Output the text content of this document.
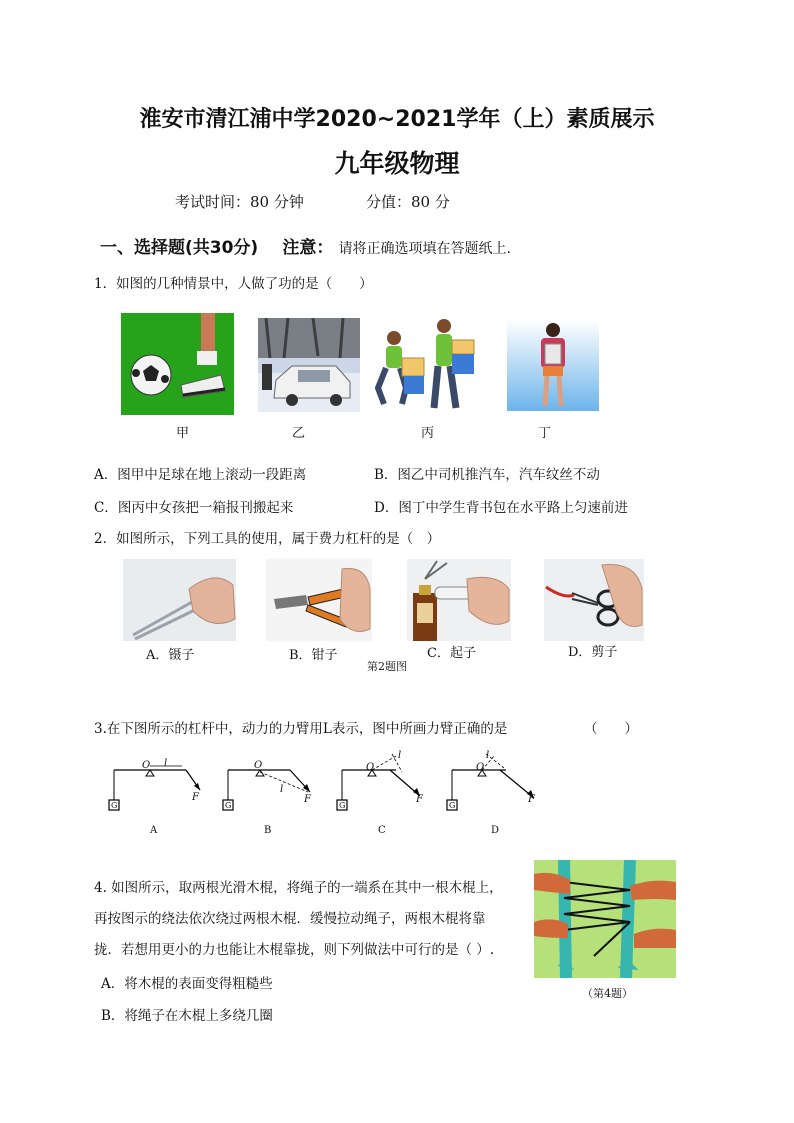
淮安市清江浦中学2020~2021学年（上）素质展示
九年级物理
考试时间：80 分钟	分值：80 分
一、选择题(共30分) 注意： 请将正确选项填在答题纸上.
1．如图的几种情景中，人做了功的是（　　）
甲	乙	丙	丁
A．图甲中足球在地上滚动一段距离	B．图乙中司机推汽车，汽车纹丝不动
C．图丙中女孩把一箱报刊搬起来	D．图丁中学生背书包在水平路上匀速前进
2．如图所示，下列工具的使用，属于费力杠杆的是（　）
A．镊子	B．钳子	C．起子	D．剪子
第2题图
3.在下图所示的杠杆中，动力的力臂用L表示，图中所画力臂正确的是	（　　）
O l
F
G
O
l
F
G
O
l
F
G
O
l
F
G
A	B	C	D
4. 如图所示，取两根光滑木棍，将绳子的一端系在其中一根木棍上，
再按图示的绕法依次绕过两根木棍．缓慢拉动绳子，两根木棍将靠
拢．若想用更小的力也能让木棍靠拢，则下列做法中可行的是（ ）.
A．将木棍的表面变得粗糙些
B．将绳子在木棍上多绕几圈
（第4题）
